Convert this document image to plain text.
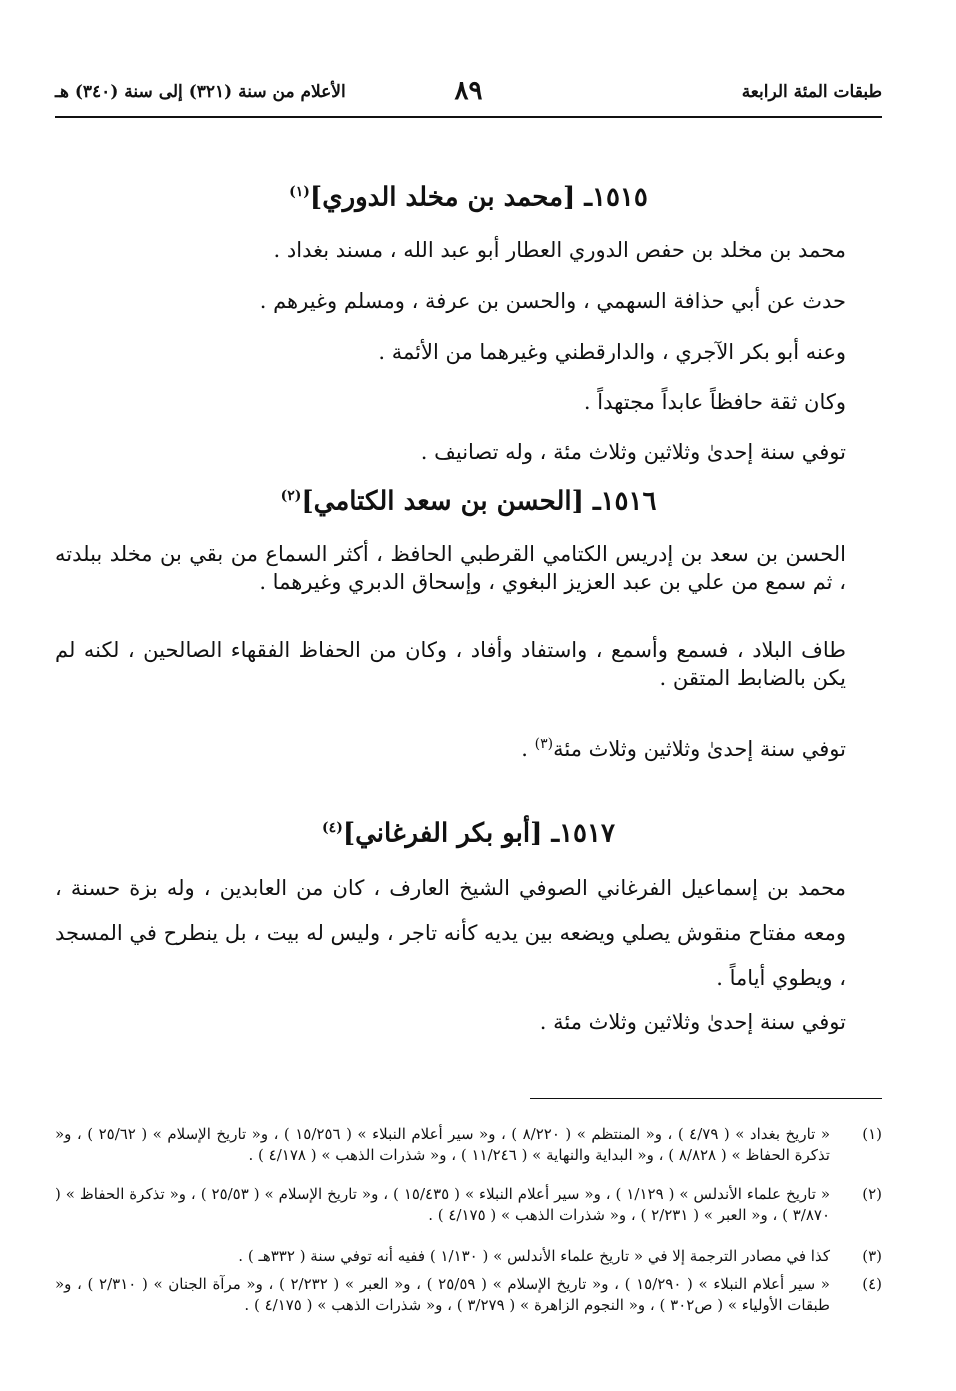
طبقات المئة الرابعة
٨٩
الأعلام من سنة (٣٢١) إلى سنة (٣٤٠) هـ
١٥١٥ـ [محمد بن مخلد الدوري]$^{(١)}$
محمد بن مخلد بن حفص الدوري العطار أبو عبد الله ، مسند بغداد .
حدث عن أبي حذافة السهمي ، والحسن بن عرفة ، ومسلم وغيرهم .
وعنه أبو بكر الآجري ، والدارقطني وغيرهما من الأئمة .
وكان ثقة حافظاً عابداً مجتهداً .
توفي سنة إحدىٰ وثلاثين وثلاث مئة ، وله تصانيف .
١٥١٦ـ [الحسن بن سعد الكتامي]$^{(٢)}$
الحسن بن سعد بن إدريس الكتامي القرطبي الحافظ ، أكثر السماع من بقي بن مخلد ببلدته ، ثم سمع من علي بن عبد العزيز البغوي ، وإسحاق الدبري وغيرهما .
طاف البلاد ، فسمع وأسمع ، واستفاد وأفاد ، وكان من الحفاظ الفقهاء الصالحين ، لكنه لم يكن بالضابط المتقن .
توفي سنة إحدىٰ وثلاثين وثلاث مئة$^{(٣)}$ .
١٥١٧ـ [أبو بكر الفرغاني]$^{(٤)}$
محمد بن إسماعيل الفرغاني الصوفي الشيخ العارف ، كان من العابدين ، وله بزة حسنة ، ومعه مفتاح منقوش يصلي ويضعه بين يديه كأنه تاجر ، وليس له بيت ، بل ينطرح في المسجد ، ويطوي أياماً .
توفي سنة إحدىٰ وثلاثين وثلاث مئة .
(١)
« تاريخ بغداد » ( ٤/٧٩ ) ، و« المنتظم » ( ٨/٢٢٠ ) ، و« سير أعلام النبلاء » ( ١٥/٢٥٦ ) ، و« تاريخ الإسلام » ( ٢٥/٦٢ ) ، و« تذكرة الحفاظ » ( ٨/٨٢٨ ) ، و« البداية والنهاية » ( ١١/٢٤٦ ) ، و« شذرات الذهب » ( ٤/١٧٨ ) .
(٢)
« تاريخ علماء الأندلس » ( ١/١٢٩ ) ، و« سير أعلام النبلاء » ( ١٥/٤٣٥ ) ، و« تاريخ الإسلام » ( ٢٥/٥٣ ) ، و« تذكرة الحفاظ » ( ٣/٨٧٠ ) ، و« العبر » ( ٢/٢٣١ ) ، و« شذرات الذهب » ( ٤/١٧٥ ) .
(٣)
كذا في مصادر الترجمة إلا في « تاريخ علماء الأندلس » ( ١/١٣٠ ) ففيه أنه توفي سنة ( ٣٣٢هـ ) .
(٤)
« سير أعلام النبلاء » ( ١٥/٢٩٠ ) ، و« تاريخ الإسلام » ( ٢٥/٥٩ ) ، و« العبر » ( ٢/٢٣٢ ) ، و« مرآة الجنان » ( ٢/٣١٠ ) ، و« طبقات الأولياء » ( ص٣٠٢ ) ، و« النجوم الزاهرة » ( ٣/٢٧٩ ) ، و« شذرات الذهب » ( ٤/١٧٥ ) .
